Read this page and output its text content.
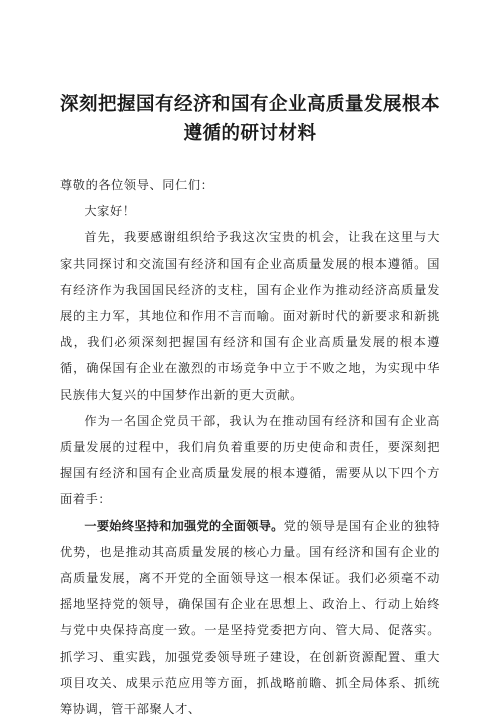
深刻把握国有经济和国有企业高质量发展根本
遵循的研讨材料

尊敬的各位领导、同仁们：

大家好！

首先，我要感谢组织给予我这次宝贵的机会，让我在这里与大家共同探讨和交流国有经济和国有企业高质量发展的根本遵循。国有经济作为我国国民经济的支柱，国有企业作为推动经济高质量发展的主力军，其地位和作用不言而喻。面对新时代的新要求和新挑战，我们必须深刻把握国有经济和国有企业高质量发展的根本遵循，确保国有企业在激烈的市场竞争中立于不败之地，为实现中华民族伟大复兴的中国梦作出新的更大贡献。

作为一名国企党员干部，我认为在推动国有经济和国有企业高质量发展的过程中，我们肩负着重要的历史使命和责任，要深刻把握国有经济和国有企业高质量发展的根本遵循，需要从以下四个方面着手：

一要始终坚持和加强党的全面领导。党的领导是国有企业的独特优势，也是推动其高质量发展的核心力量。国有经济和国有企业的高质量发展，离不开党的全面领导这一根本保证。我们必须毫不动摇地坚持党的领导，确保国有企业在思想上、政治上、行动上始终与党中央保持高度一致。一是坚持党委把方向、管大局、促落实。抓学习、重实践，加强党委领导班子建设，在创新资源配置、重大项目攻关、成果示范应用等方面，抓战略前瞻、抓全局体系、抓统筹协调，管干部聚人才、
